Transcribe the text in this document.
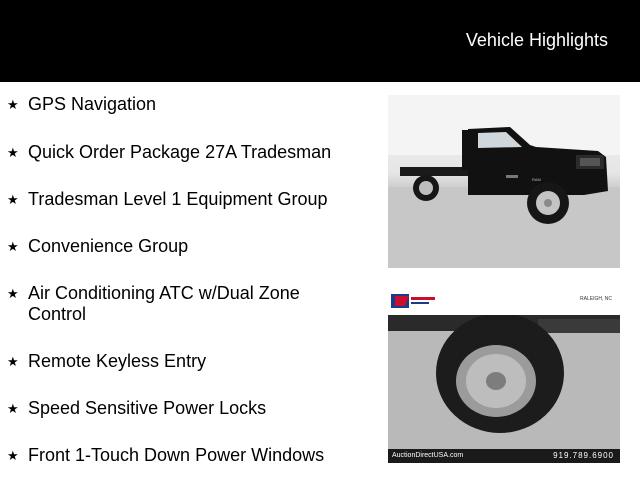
Vehicle Highlights
★ GPS Navigation
★ Quick Order Package 27A Tradesman
★ Tradesman Level 1 Equipment Group
★ Convenience Group
★ Air Conditioning ATC w/Dual Zone Control
★ Remote Keyless Entry
★ Speed Sensitive Power Locks
★ Front 1-Touch Down Power Windows
RAM
RALEIGH, NC
AuctionDirectUSA.com	919.789.6900
